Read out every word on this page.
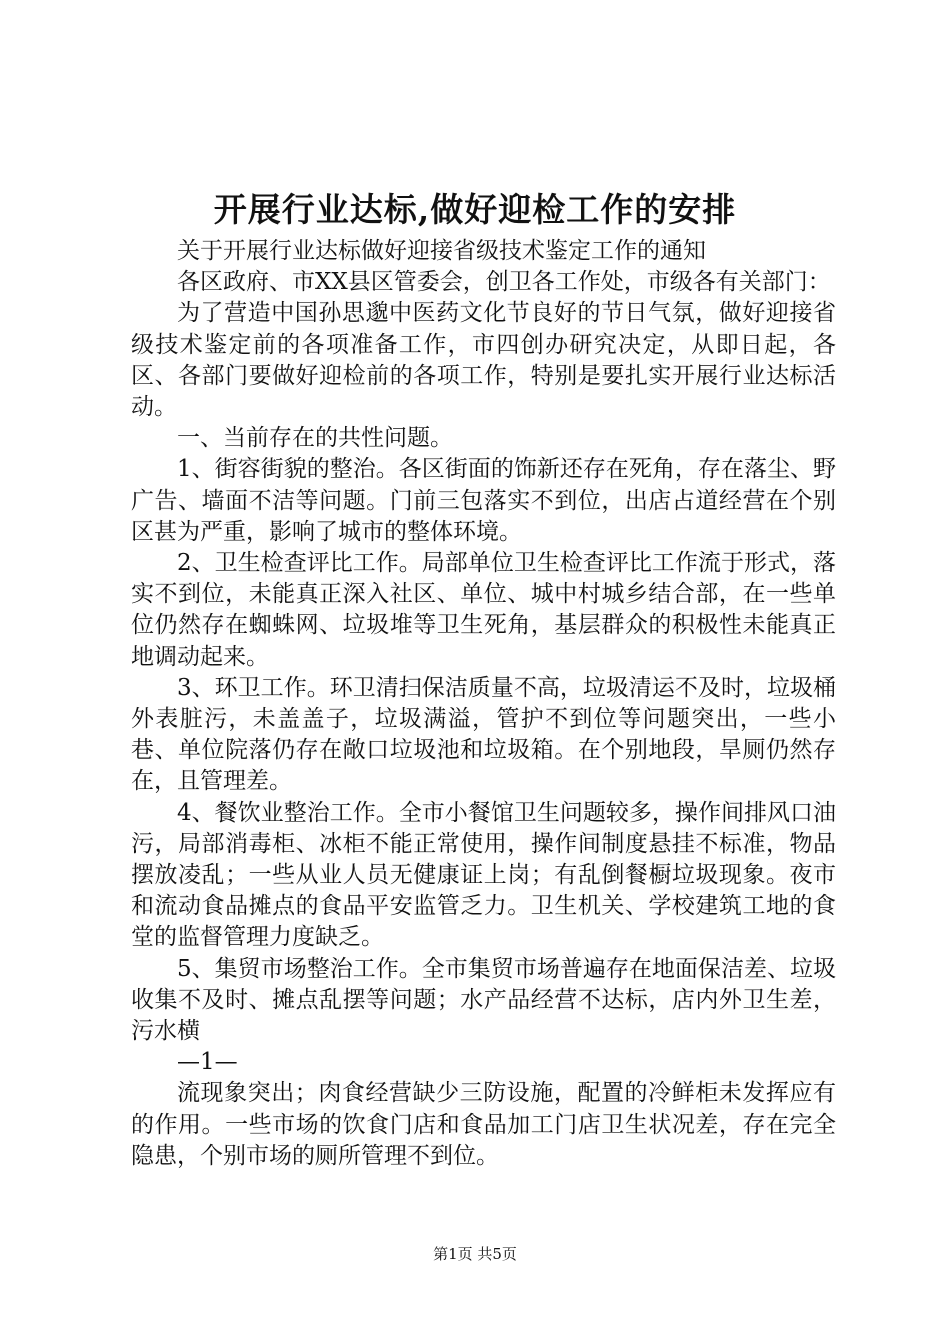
开展行业达标,做好迎检工作的安排

关于开展行业达标做好迎接省级技术鉴定工作的通知

各区政府、市XX县区管委会，创卫各工作处，市级各有关部门：

为了营造中国孙思邈中医药文化节良好的节日气氛，做好迎接省级技术鉴定前的各项准备工作，市四创办研究决定，从即日起，各区、各部门要做好迎检前的各项工作，特别是要扎实开展行业达标活动。

一、当前存在的共性问题。

1、街容街貌的整治。各区街面的饰新还存在死角，存在落尘、野广告、墙面不洁等问题。门前三包落实不到位，出店占道经营在个别区甚为严重，影响了城市的整体环境。

2、卫生检查评比工作。局部单位卫生检查评比工作流于形式，落实不到位，未能真正深入社区、单位、城中村城乡结合部，在一些单位仍然存在蜘蛛网、垃圾堆等卫生死角，基层群众的积极性未能真正地调动起来。

3、环卫工作。环卫清扫保洁质量不高，垃圾清运不及时，垃圾桶外表脏污，未盖盖子，垃圾满溢，管护不到位等问题突出，一些小巷、单位院落仍存在敞口垃圾池和垃圾箱。在个别地段，旱厕仍然存在，且管理差。

4、餐饮业整治工作。全市小餐馆卫生问题较多，操作间排风口油污，局部消毒柜、冰柜不能正常使用，操作间制度悬挂不标准，物品摆放凌乱；一些从业人员无健康证上岗；有乱倒餐橱垃圾现象。夜市和流动食品摊点的食品平安监管乏力。卫生机关、学校建筑工地的食堂的监督管理力度缺乏。

5、集贸市场整治工作。全市集贸市场普遍存在地面保洁差、垃圾收集不及时、摊点乱摆等问题；水产品经营不达标，店内外卫生差，污水横

—1—

流现象突出；肉食经营缺少三防设施，配置的冷鲜柜未发挥应有的作用。一些市场的饮食门店和食品加工门店卫生状况差，存在完全隐患，个别市场的厕所管理不到位。

第1页 共5页
